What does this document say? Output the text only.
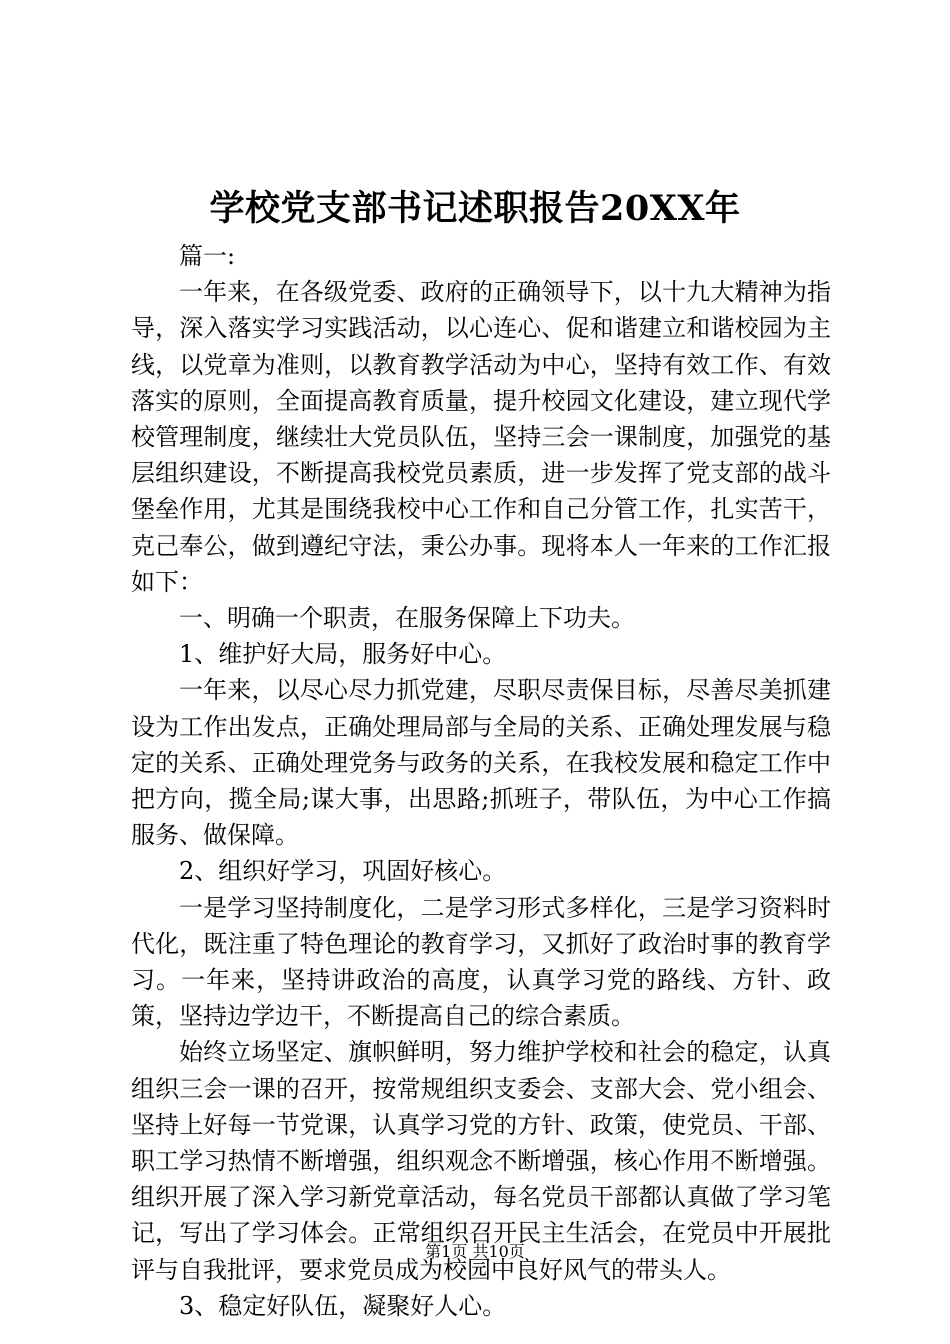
学校党支部书记述职报告20XX年

篇一:

一年来，在各级党委、政府的正确领导下，以十九大精神为指导，深入落实学习实践活动，以心连心、促和谐建立和谐校园为主线，以党章为准则，以教育教学活动为中心，坚持有效工作、有效落实的原则，全面提高教育质量，提升校园文化建设，建立现代学校管理制度，继续壮大党员队伍，坚持三会一课制度，加强党的基层组织建设，不断提高我校党员素质，进一步发挥了党支部的战斗堡垒作用，尤其是围绕我校中心工作和自己分管工作，扎实苦干，克己奉公，做到遵纪守法，秉公办事。现将本人一年来的工作汇报如下：

一、明确一个职责，在服务保障上下功夫。

1、维护好大局，服务好中心。

一年来，以尽心尽力抓党建，尽职尽责保目标，尽善尽美抓建设为工作出发点，正确处理局部与全局的关系、正确处理发展与稳定的关系、正确处理党务与政务的关系，在我校发展和稳定工作中把方向，揽全局;谋大事，出思路;抓班子，带队伍，为中心工作搞服务、做保障。

2、组织好学习，巩固好核心。

一是学习坚持制度化，二是学习形式多样化，三是学习资料时代化，既注重了特色理论的教育学习，又抓好了政治时事的教育学习。一年来，坚持讲政治的高度，认真学习党的路线、方针、政策，坚持边学边干，不断提高自己的综合素质。

始终立场坚定、旗帜鲜明，努力维护学校和社会的稳定，认真组织三会一课的召开，按常规组织支委会、支部大会、党小组会、坚持上好每一节党课，认真学习党的方针、政策，使党员、干部、职工学习热情不断增强，组织观念不断增强，核心作用不断增强。组织开展了深入学习新党章活动，每名党员干部都认真做了学习笔记，写出了学习体会。正常组织召开民主生活会，在党员中开展批评与自我批评，要求党员成为校园中良好风气的带头人。

3、稳定好队伍，凝聚好人心。

第1页 共10页
